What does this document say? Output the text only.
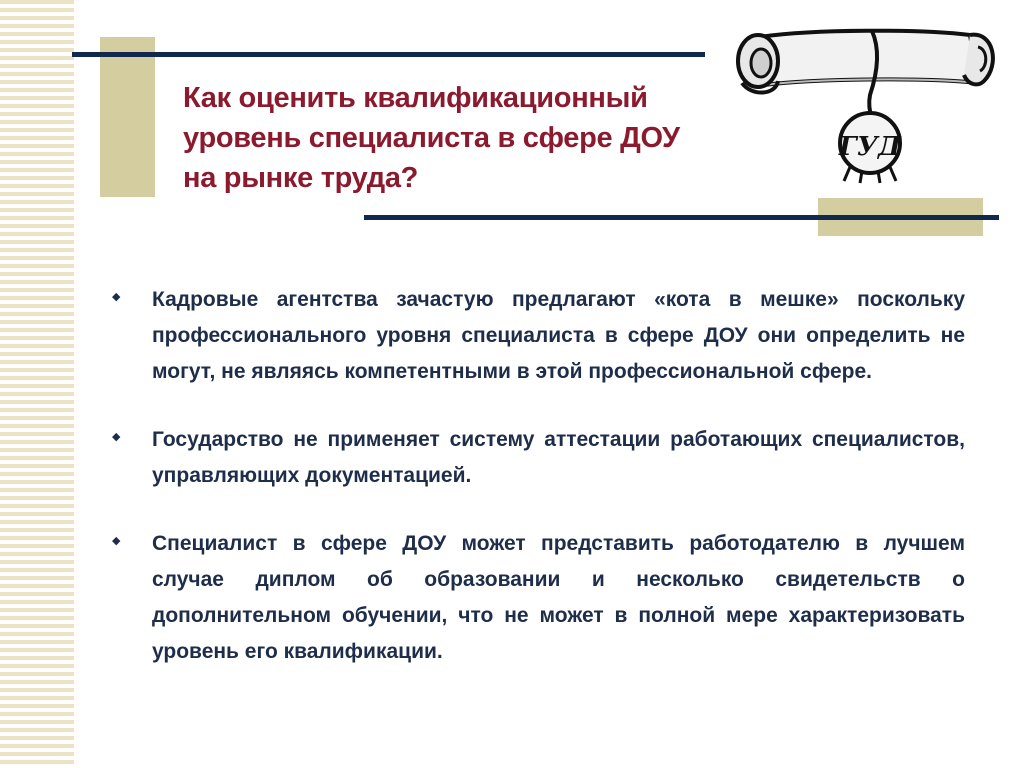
Как оценить квалификационный
уровень специалиста в сфере ДОУ
на рынке труда?
ГУД
◆ Кадровые агентства зачастую предлагают «кота в мешке» поскольку профессионального уровня специалиста в сфере ДОУ они определить не могут, не являясь компетентными в этой профессиональной сфере.
◆ Государство не применяет систему аттестации работающих специалистов, управляющих документацией.
◆ Специалист в сфере ДОУ может представить работодателю в лучшем случае диплом об образовании и несколько свидетельств о дополнительном обучении, что не может в полной мере характеризовать уровень его квалификации.
